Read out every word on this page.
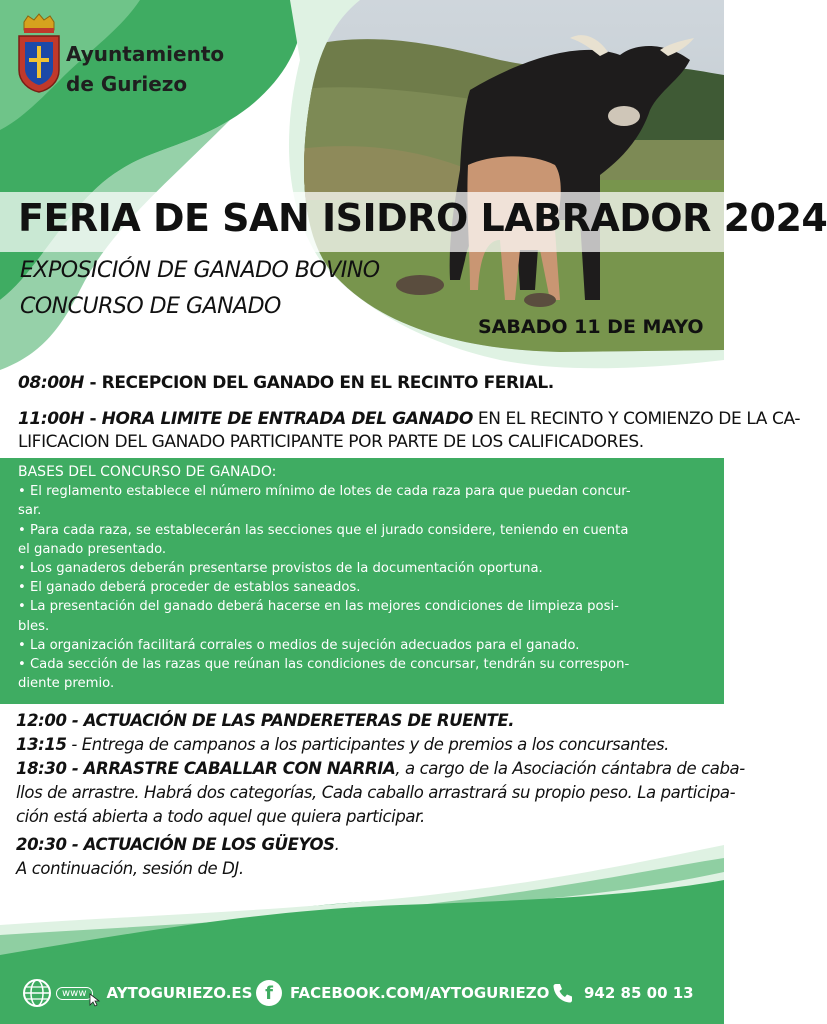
Ayuntamiento
de Guriezo
FERIA DE SAN ISIDRO LABRADOR 2024
EXPOSICIÓN DE GANADO BOVINO
CONCURSO DE GANADO
SABADO 11 DE MAYO
08:00H - RECEPCION DEL GANADO EN EL RECINTO FERIAL.
11:00H - HORA LIMITE DE ENTRADA DEL GANADO EN EL RECINTO Y COMIENZO DE LA CA-
LIFICACION DEL GANADO PARTICIPANTE POR PARTE DE LOS CALIFICADORES.
BASES DEL CONCURSO DE GANADO:
• El reglamento establece el número mínimo de lotes de cada raza para que puedan concur-
sar.
• Para cada raza, se establecerán las secciones que el jurado considere, teniendo en cuenta
el ganado presentado.
• Los ganaderos deberán presentarse provistos de la documentación oportuna.
• El ganado deberá proceder de establos saneados.
• La presentación del ganado deberá hacerse en las mejores condiciones de limpieza posi-
bles.
• La organización facilitará corrales o medios de sujeción adecuados para el ganado.
• Cada sección de las razas que reúnan las condiciones de concursar, tendrán su correspon-
diente premio.
12:00 - ACTUACIÓN DE LAS PANDERETERAS DE RUENTE.
13:15 - Entrega de campanos a los participantes y de premios a los concursantes.
18:30 - ARRASTRE CABALLAR CON NARRIA, a cargo de la Asociación cántabra de caba-
llos de arrastre. Habrá dos categorías, Cada caballo arrastrará su propio peso. La participa-
ción está abierta a todo aquel que quiera participar.
20:30 - ACTUACIÓN DE LOS GÜEYOS.
A continuación, sesión de DJ.
www	AYTOGURIEZO.ES f	FACEBOOK.COM/AYTOGURIEZO 942 85 00 13
